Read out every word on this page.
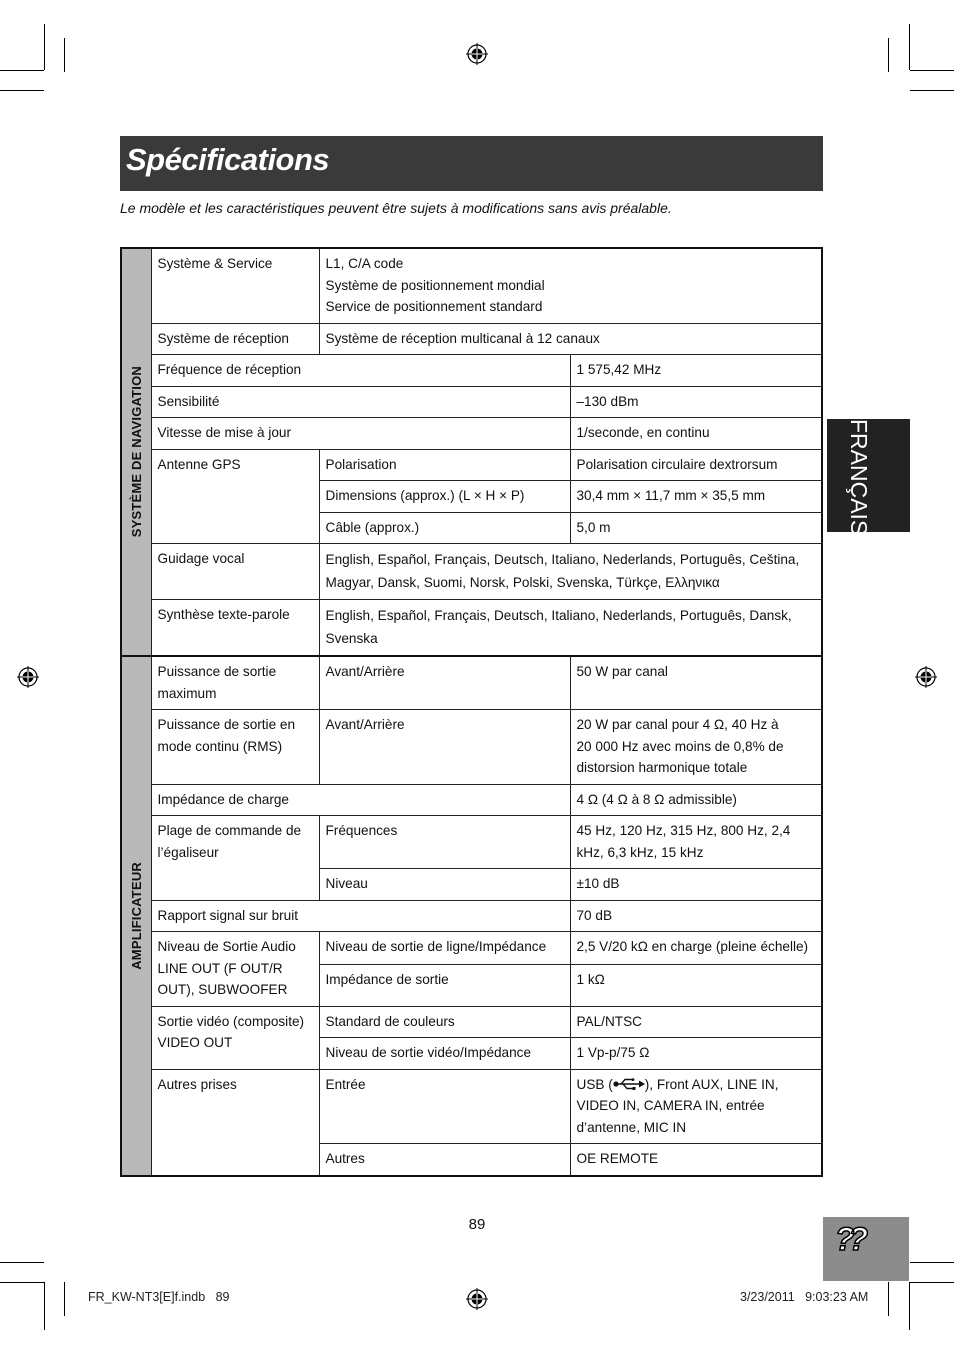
Spécifications
Le modèle et les caractéristiques peuvent être sujets à modifications sans avis préalable.
FRANÇAIS
SYSTÈME DE NAVIGATION	Système & Service	L1, C/A code
Système de positionnement mondial
Service de positionnement standard	

	Système de réception	Système de réception multicanal à 12 canaux	
	Fréquence de réception		1 575,42 MHz
	Sensibilité		–130 dBm
	Vitesse de mise à jour		1/seconde, en continu
	Antenne GPS	Polarisation	Polarisation circulaire dextrorsum
		Dimensions (approx.) (L × H × P)	30,4 mm × 11,7 mm × 35,5 mm
		Câble (approx.)	5,0 m
	Guidage vocal	English, Español, Français, Deutsch, Italiano, Nederlands, Português, Ceština, Magyar, Dansk, Suomi, Norsk, Polski, Svenska, Türkçe, Ελληνικα	
	Synthèse texte-parole	English, Español, Français, Deutsch, Italiano, Nederlands, Português, Dansk, Svenska	

AMPLIFICATEUR	Puissance de sortie maximum	Avant/Arrière	50 W par canal
	Puissance de sortie en mode continu (RMS)	Avant/Arrière	20 W par canal pour 4 Ω, 40 Hz à
20 000 Hz avec moins de 0,8% de
distorsion harmonique totale

	Impédance de charge		4 Ω (4 Ω à 8 Ω admissible)
	Plage de commande de l’égaliseur	Fréquences	45 Hz, 120 Hz, 315 Hz, 800 Hz, 2,4 kHz, 6,3 kHz, 15 kHz
		Niveau	±10 dB
	Rapport signal sur bruit		70 dB
	Niveau de Sortie Audio LINE OUT (F OUT/R OUT), SUBWOOFER	Niveau de sortie de ligne/Impédance	2,5 V/20 kΩ en charge (pleine échelle)
		Impédance de sortie	1 kΩ
	Sortie vidéo (composite) VIDEO OUT	Standard de couleurs	PAL/NTSC
		Niveau de sortie vidéo/Impédance	1 Vp-p/75 Ω
	Autres prises	Entrée	USB ( ), Front AUX, LINE IN, VIDEO IN, CAMERA IN, entrée d’antenne, MIC IN
		Autres	OE REMOTE
89	??
FR_KW-NT3[E]f.indb   89	3/23/2011   9:03:23 AM
